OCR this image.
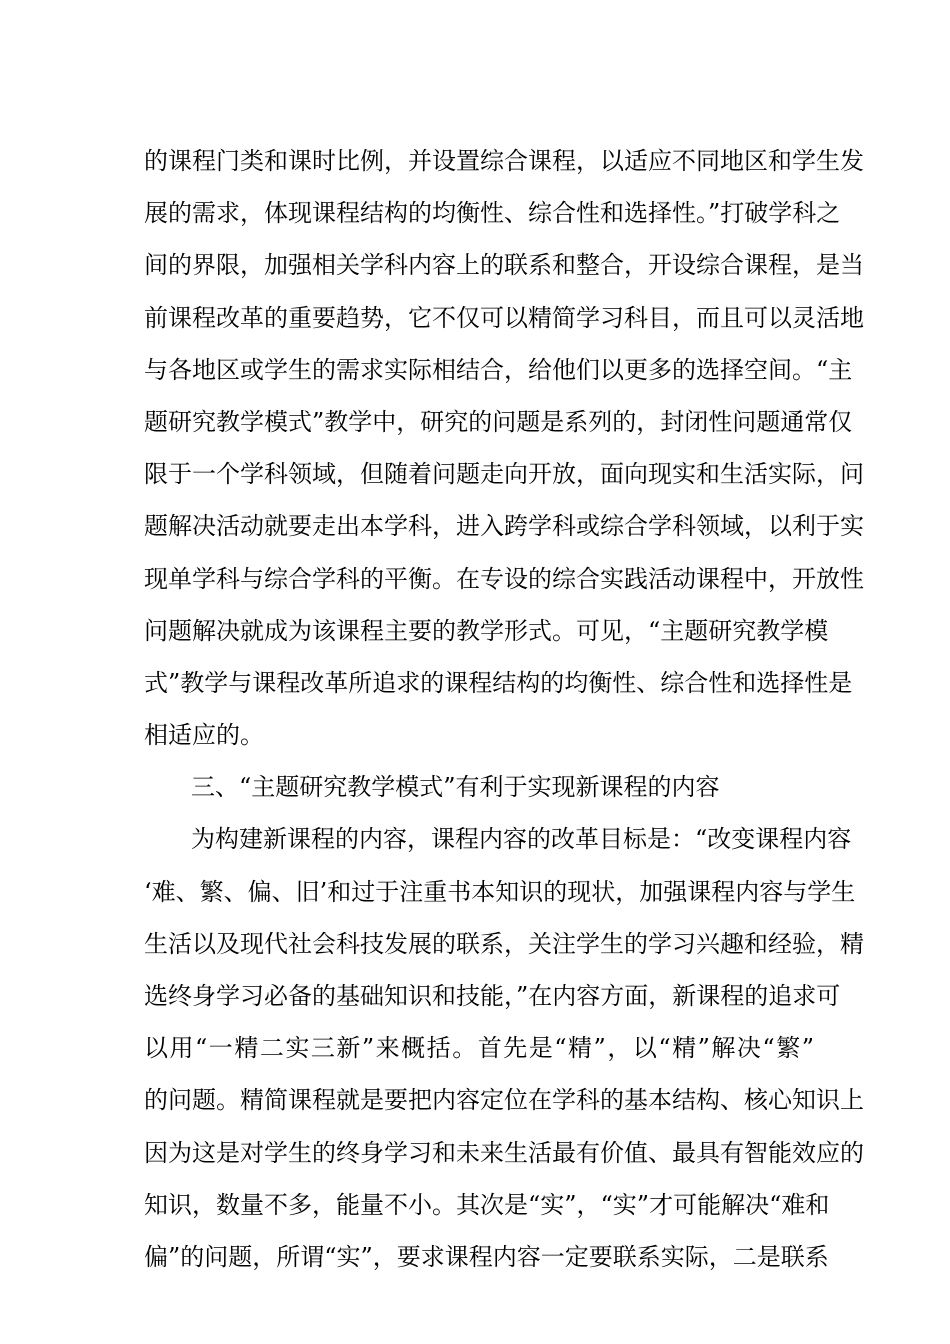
的课程门类和课时比例，并设置综合课程，以适应不同地区和学生发
展的需求，体现课程结构的均衡性、综合性和选择性。”打破学科之
间的界限，加强相关学科内容上的联系和整合，开设综合课程，是当
前课程改革的重要趋势，它不仅可以精简学习科目，而且可以灵活地
与各地区或学生的需求实际相结合，给他们以更多的选择空间。“主
题研究教学模式”教学中，研究的问题是系列的，封闭性问题通常仅
限于一个学科领域，但随着问题走向开放，面向现实和生活实际，问
题解决活动就要走出本学科，进入跨学科或综合学科领域，以利于实
现单学科与综合学科的平衡。在专设的综合实践活动课程中，开放性
问题解决就成为该课程主要的教学形式。可见，“主题研究教学模
式”教学与课程改革所追求的课程结构的均衡性、综合性和选择性是
相适应的。
三、“主题研究教学模式”有利于实现新课程的内容
为构建新课程的内容，课程内容的改革目标是：“改变课程内容
‘难、繁、偏、旧’和过于注重书本知识的现状，加强课程内容与学生
生活以及现代社会科技发展的联系，关注学生的学习兴趣和经验，精
选终身学习必备的基础知识和技能，”在内容方面，新课程的追求可
以用“一精二实三新”来概括。首先是“精”，以“精”解决“繁”
的问题。精简课程就是要把内容定位在学科的基本结构、核心知识上
因为这是对学生的终身学习和未来生活最有价值、最具有智能效应的
知识，数量不多，能量不小。其次是“实”，“实”才可能解决“难和
偏”的问题，所谓“实”，要求课程内容一定要联系实际，二是联系
